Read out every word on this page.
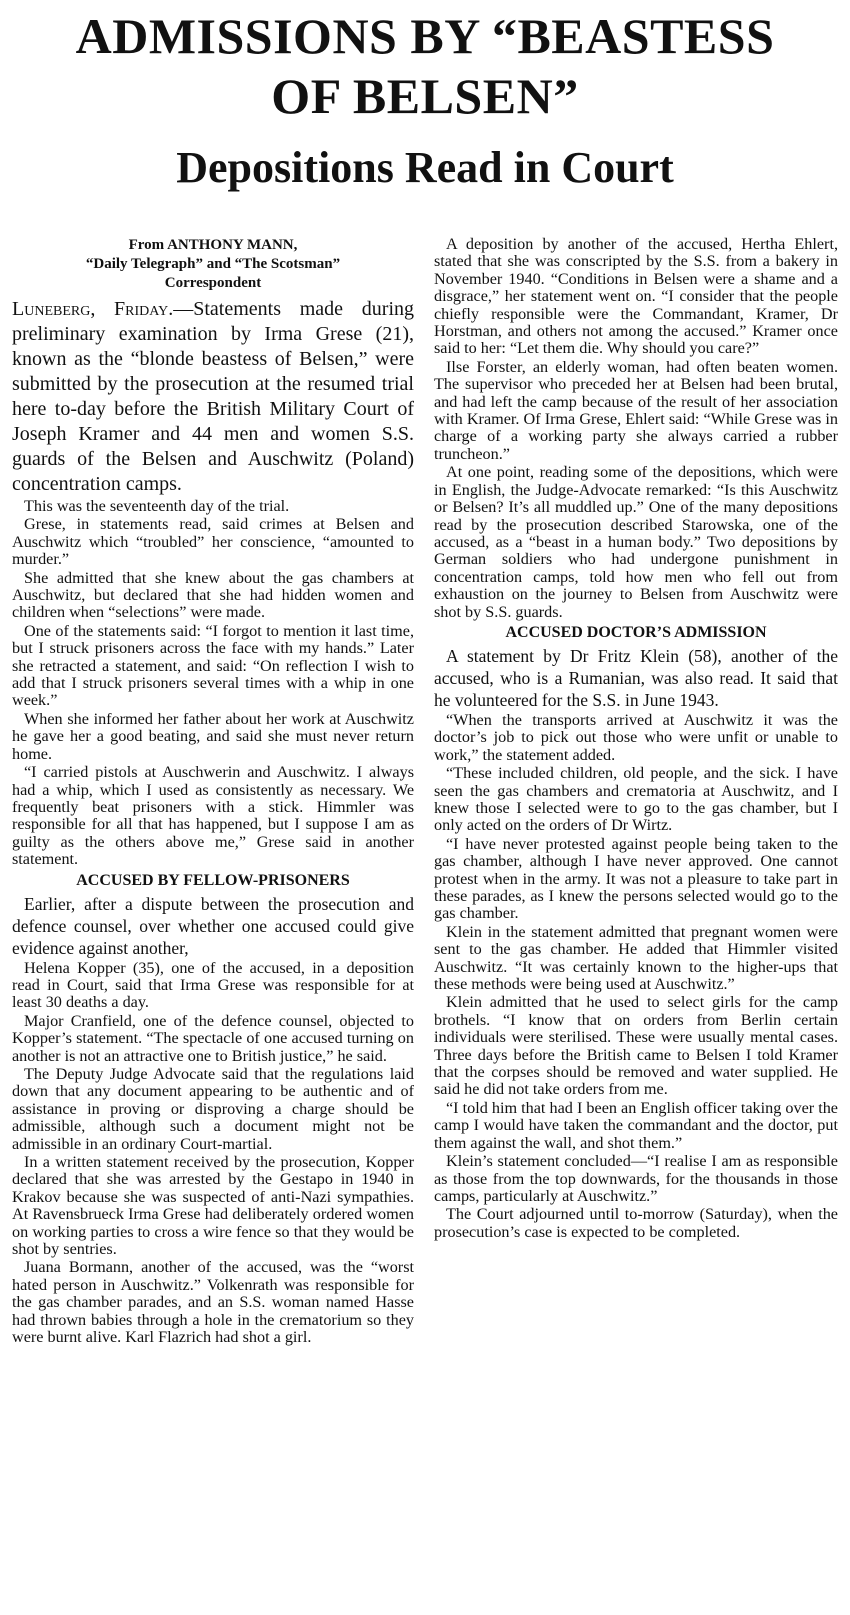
ADMISSIONS BY “BEASTESS
OF BELSEN”
Depositions Read in Court
From ANTHONY MANN,
“Daily Telegraph” and “The Scotsman”
Correspondent

Luneberg, Friday.—Statements made during preliminary examination by Irma Grese (21), known as the “blonde beastess of Belsen,” were submitted by the prosecution at the resumed trial here to-day before the British Military Court of Joseph Kramer and 44 men and women S.S. guards of the Belsen and Auschwitz (Poland) concentration camps.

This was the seventeenth day of the trial.

Grese, in statements read, said crimes at Belsen and Auschwitz which “troubled” her conscience, “amounted to murder.”

She admitted that she knew about the gas chambers at Auschwitz, but declared that she had hidden women and children when “selections” were made.

One of the statements said: “I forgot to mention it last time, but I struck prisoners across the face with my hands.” Later she retracted a statement, and said: “On reflection I wish to add that I struck prisoners several times with a whip in one week.”

When she informed her father about her work at Auschwitz he gave her a good beating, and said she must never return home.

“I carried pistols at Auschwerin and Auschwitz. I always had a whip, which I used as consistently as necessary. We frequently beat prisoners with a stick. Himmler was responsible for all that has happened, but I suppose I am as guilty as the others above me,” Grese said in another statement.

ACCUSED BY FELLOW-PRISONERS

Earlier, after a dispute between the prosecution and defence counsel, over whether one accused could give evidence against another,

Helena Kopper (35), one of the accused, in a deposition read in Court, said that Irma Grese was responsible for at least 30 deaths a day.

Major Cranfield, one of the defence counsel, objected to Kopper’s statement. “The spectacle of one accused turning on another is not an attractive one to British justice,” he said.

The Deputy Judge Advocate said that the regulations laid down that any document appearing to be authentic and of assistance in proving or disproving a charge should be admissible, although such a document might not be admissible in an ordinary Court-martial.

In a written statement received by the prosecution, Kopper declared that she was arrested by the Gestapo in 1940 in Krakov because she was suspected of anti-Nazi sympathies. At Ravensbrueck Irma Grese had deliberately ordered women on working parties to cross a wire fence so that they would be shot by sentries.

Juana Bormann, another of the accused, was the “worst hated person in Auschwitz.” Volkenrath was responsible for the gas chamber parades, and an S.S. woman named Hasse had thrown babies through a hole in the crematorium so they were burnt alive. Karl Flazrich had shot a girl.

A deposition by another of the accused, Hertha Ehlert, stated that she was conscripted by the S.S. from a bakery in November 1940. “Conditions in Belsen were a shame and a disgrace,” her statement went on. “I consider that the people chiefly responsible were the Commandant, Kramer, Dr Horstman, and others not among the accused.” Kramer once said to her: “Let them die. Why should you care?”

Ilse Forster, an elderly woman, had often beaten women. The supervisor who preceded her at Belsen had been brutal, and had left the camp because of the result of her association with Kramer. Of Irma Grese, Ehlert said: “While Grese was in charge of a working party she always carried a rubber truncheon.”

At one point, reading some of the depositions, which were in English, the Judge-Advocate remarked: “Is this Auschwitz or Belsen? It’s all muddled up.” One of the many depositions read by the prosecution described Starowska, one of the accused, as a “beast in a human body.” Two depositions by German soldiers who had undergone punishment in concentration camps, told how men who fell out from exhaustion on the journey to Belsen from Auschwitz were shot by S.S. guards.

ACCUSED DOCTOR’S ADMISSION

A statement by Dr Fritz Klein (58), another of the accused, who is a Rumanian, was also read. It said that he volunteered for the S.S. in June 1943.

“When the transports arrived at Auschwitz it was the doctor’s job to pick out those who were unfit or unable to work,” the statement added.

“These included children, old people, and the sick. I have seen the gas chambers and crematoria at Auschwitz, and I knew those I selected were to go to the gas chamber, but I only acted on the orders of Dr Wirtz.

“I have never protested against people being taken to the gas chamber, although I have never approved. One cannot protest when in the army. It was not a pleasure to take part in these parades, as I knew the persons selected would go to the gas chamber.

Klein in the statement admitted that pregnant women were sent to the gas chamber. He added that Himmler visited Auschwitz. “It was certainly known to the higher-ups that these methods were being used at Auschwitz.”

Klein admitted that he used to select girls for the camp brothels. “I know that on orders from Berlin certain individuals were sterilised. These were usually mental cases. Three days before the British came to Belsen I told Kramer that the corpses should be removed and water supplied. He said he did not take orders from me.

“I told him that had I been an English officer taking over the camp I would have taken the commandant and the doctor, put them against the wall, and shot them.”

Klein’s statement concluded—“I realise I am as responsible as those from the top downwards, for the thousands in those camps, particularly at Auschwitz.”

The Court adjourned until to-morrow (Saturday), when the prosecution’s case is expected to be completed.
